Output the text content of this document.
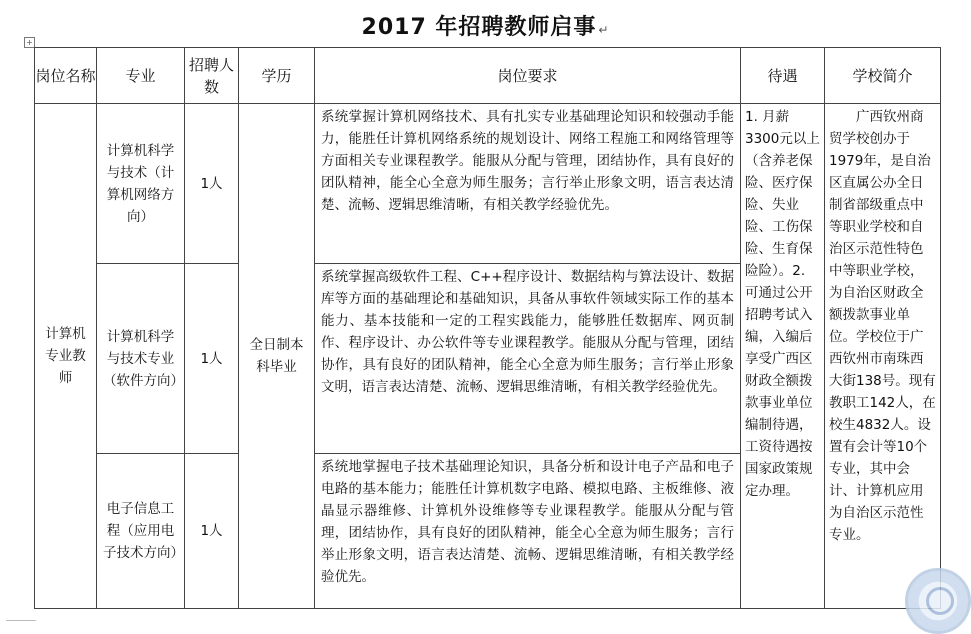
2017 年招聘教师启事 ↵
+
岗位名称	专业	招聘人数	学历	岗位要求	待遇	学校简介
计算机专业教师	计算机科学与技术（计算机网络方向）	1人	全日制本科毕业	系统掌握计算机网络技术、具有扎实专业基础理论知识和较强动手能力，能胜任计算机网络系统的规划设计、网络工程施工和网络管理等方面相关专业课程教学。能服从分配与管理，团结协作，具有良好的团队精神，能全心全意为师生服务；言行举止形象文明，语言表达清楚、流畅、逻辑思维清晰，有相关教学经验优先。	1. 月薪3300元以上（含养老保险、医疗保险、失业险、工伤保险、生育保险险）。2. 可通过公开招聘考试入编，入编后享受广西区财政全额拨款事业单位编制待遇，工资待遇按国家政策规定办理。	广西钦州商贸学校创办于1979年，是自治区直属公办全日制省部级重点中等职业学校和自治区示范性特色中等职业学校，为自治区财政全额拨款事业单位。学校位于广西钦州市南珠西大街138号。现有教职工142人，在校生4832人。设置有会计等10个专业，其中会计、计算机应用为自治区示范性专业。
	计算机科学与技术专业（软件方向）	1人		系统掌握高级软件工程、C++程序设计、数据结构与算法设计、数据库等方面的基础理论和基础知识，具备从事软件领域实际工作的基本能力、基本技能和一定的工程实践能力，能够胜任数据库、网页制作、程序设计、办公软件等专业课程教学。能服从分配与管理，团结协作，具有良好的团队精神，能全心全意为师生服务；言行举止形象文明，语言表达清楚、流畅、逻辑思维清晰，有相关教学经验优先。		
	电子信息工程（应用电子技术方向）	1人		系统地掌握电子技术基础理论知识，具备分析和设计电子产品和电子电路的基本能力；能胜任计算机数字电路、模拟电路、主板维修、液晶显示器维修、计算机外设维修等专业课程教学。能服从分配与管理，团结协作，具有良好的团队精神，能全心全意为师生服务；言行举止形象文明，语言表达清楚、流畅、逻辑思维清晰，有相关教学经验优先。		
